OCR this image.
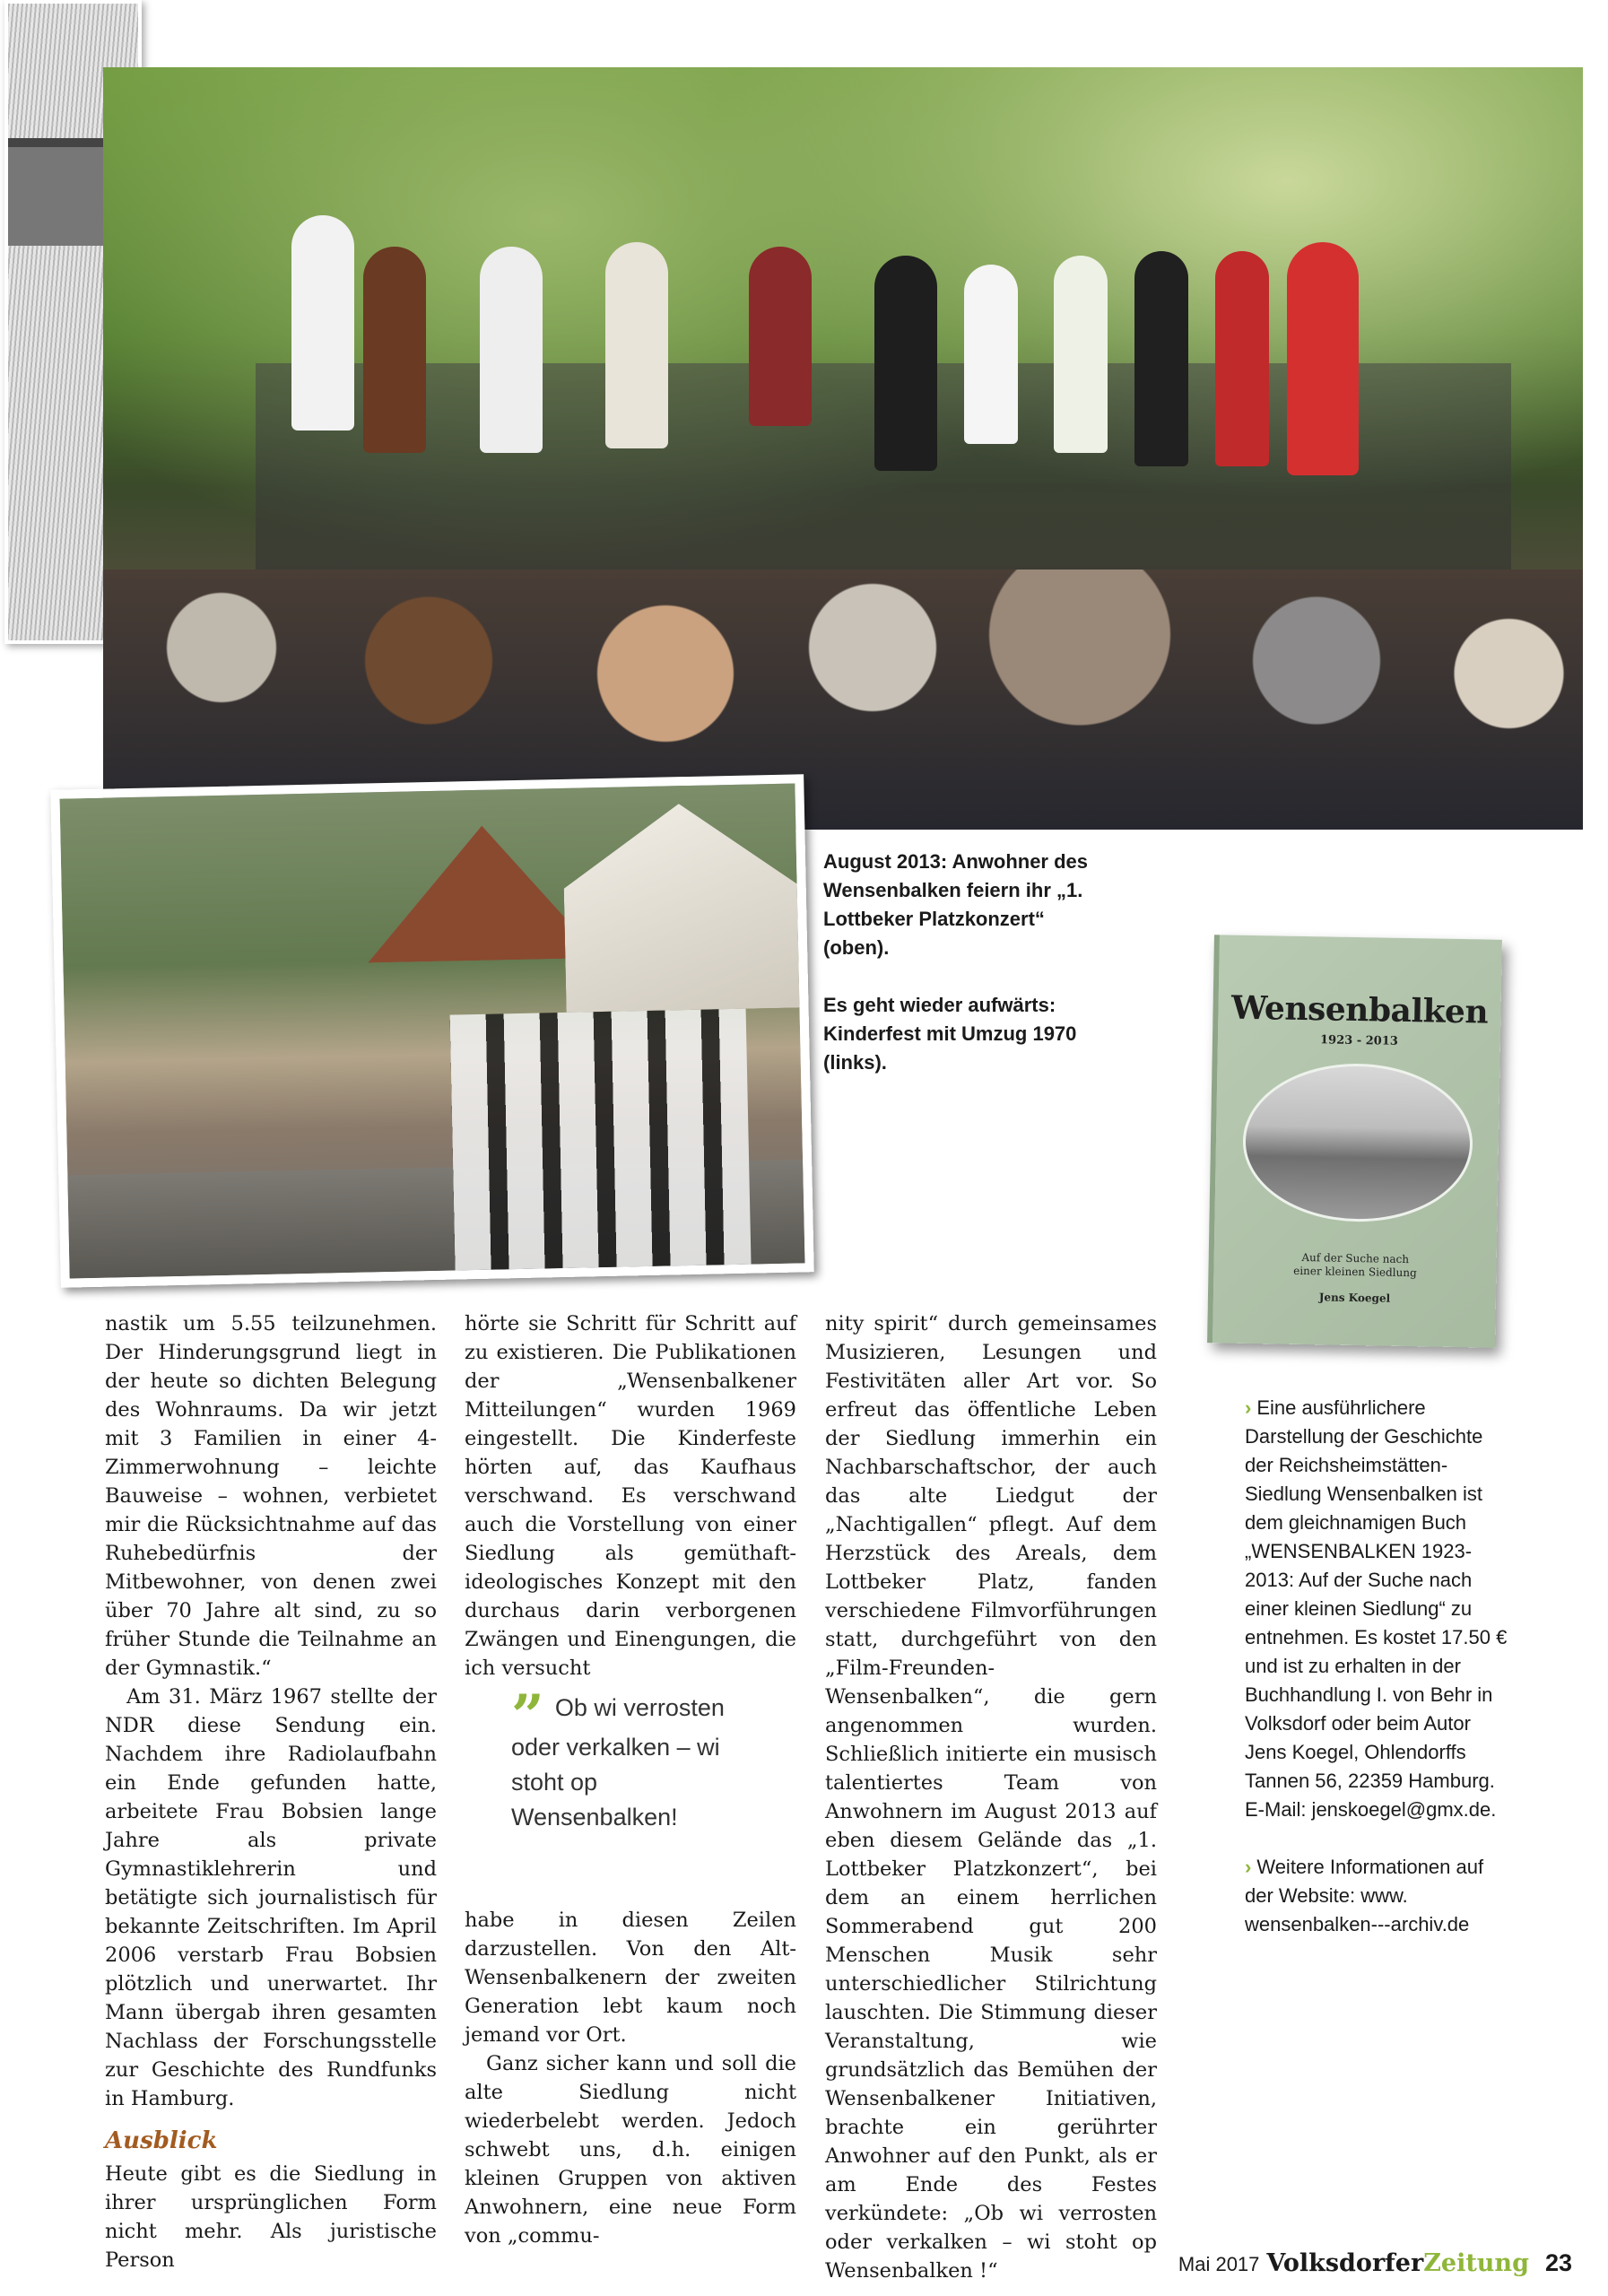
August 2013: Anwohner des Wensenbalken feiern ihr „1. Lottbeker Platzkonzert“ (oben).

Es geht wieder aufwärts: Kinderfest mit Umzug 1970 (links).

Wensenbalken
1923 - 2013
Auf der Suche nach
einer kleinen Siedlung
Jens Koegel

nastik um 5.55 teilzunehmen. Der Hinderungsgrund liegt in der heute so dichten Belegung des Wohnraums. Da wir jetzt mit 3 Familien in einer 4-Zimmerwohnung – leichte Bauweise – wohnen, verbietet mir die Rücksichtnahme auf das Ruhebedürfnis der Mitbewohner, von denen zwei über 70 Jahre alt sind, zu so früher Stunde die Teilnahme an der Gymnastik.“

Am 31. März 1967 stellte der NDR diese Sendung ein. Nachdem ihre Radiolaufbahn ein Ende gefunden hatte, arbeitete Frau Bobsien lange Jahre als private Gymnastiklehrerin und betätigte sich journalistisch für bekannte Zeitschriften. Im April 2006 verstarb Frau Bobsien plötzlich und unerwartet. Ihr Mann übergab ihren gesamten Nachlass der Forschungsstelle zur Geschichte des Rundfunks in Hamburg.

Ausblick

Heute gibt es die Siedlung in ihrer ursprünglichen Form nicht mehr. Als juristische Person

hörte sie Schritt für Schritt auf zu existieren. Die Publikationen der „Wensenbalkener Mitteilungen“ wurden 1969 eingestellt. Die Kinderfeste hörten auf, das Kaufhaus verschwand. Es verschwand auch die Vorstellung von einer Siedlung als gemüthaft-ideologisches Konzept mit den durchaus darin verborgenen Zwängen und Einengungen, die ich versucht

” Ob wi verrosten oder verkalken – wi stoht op Wensenbalken!

habe in diesen Zeilen darzustellen. Von den Alt-Wensenbalkenern der zweiten Generation lebt kaum noch jemand vor Ort.

Ganz sicher kann und soll die alte Siedlung nicht wiederbelebt werden. Jedoch schwebt uns, d.h. einigen kleinen Gruppen von aktiven Anwohnern, eine neue Form von „commu-

nity spirit“ durch gemeinsames Musizieren, Lesungen und Festivitäten aller Art vor. So erfreut das öffentliche Leben der Siedlung immerhin ein Nachbarschaftschor, der auch das alte Liedgut der „Nachtigallen“ pflegt. Auf dem Herzstück des Areals, dem Lottbeker Platz, fanden verschiedene Filmvorführungen statt, durchgeführt von den „Film-Freunden-Wensenbalken“, die gern angenommen wurden. Schließlich initierte ein musisch talentiertes Team von Anwohnern im August 2013 auf eben diesem Gelände das „1. Lottbeker Platzkonzert“, bei dem an einem herrlichen Sommerabend gut 200 Menschen Musik sehr unterschiedlicher Stilrichtung lauschten. Die Stimmung dieser Veranstaltung, wie grundsätzlich das Bemühen der Wensenbalkener Initiativen, brachte ein gerührter Anwohner auf den Punkt, als er am Ende des Festes verkündete: „Ob wi verrosten oder verkalken – wi stoht op Wensenbalken !“

› Eine ausführlichere Darstellung der Geschichte der Reichsheimstätten-Siedlung Wensenbalken ist dem gleichnamigen Buch „WENSENBALKEN 1923-2013: Auf der Suche nach einer kleinen Siedlung“ zu entnehmen. Es kostet 17.50 € und ist zu erhalten in der Buchhandlung I. von Behr in Volksdorf oder beim Autor Jens Koegel, Ohlendorffs Tannen 56, 22359 Hamburg. E-Mail: jenskoegel@gmx.de.

› Weitere Informationen auf der Website: www. wensenbalken---archiv.de

Mai 2017 VolksdorferZeitung 23
